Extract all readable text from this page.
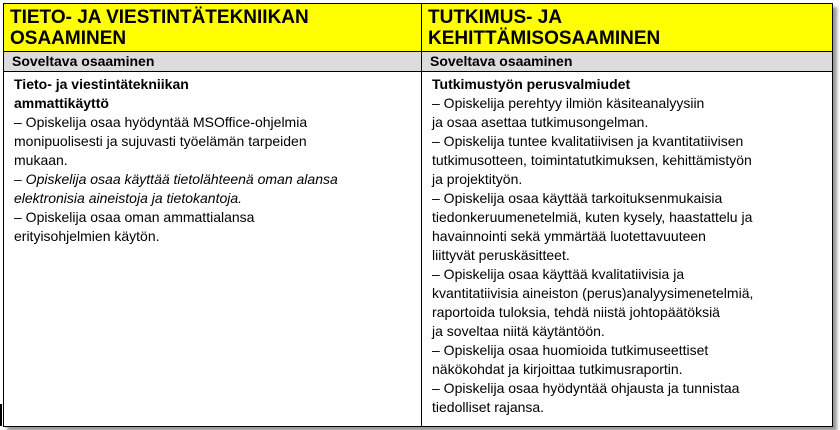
TIETO- JA VIESTINTÄTEKNIIKAN
OSAAMINEN
Soveltava osaaminen
Tieto- ja viestintätekniikan
ammattikäyttö

– Opiskelija osaa hyödyntää MSOffice-ohjelmia
monipuolisesti ja sujuvasti työelämän tarpeiden
mukaan.

– Opiskelija osaa käyttää tietolähteenä oman alansa
elektronisia aineistoja ja tietokantoja.

– Opiskelija osaa oman ammattialansa
erityisohjelmien käytön.

TUTKIMUS- JA
KEHITTÄMISOSAAMINEN
Soveltava osaaminen
Tutkimustyön perusvalmiudet

– Opiskelija perehtyy ilmiön käsiteanalyysiin
ja osaa asettaa tutkimusongelman.

– Opiskelija tuntee kvalitatiivisen ja kvantitatiivisen
tutkimusotteen, toimintatutkimuksen, kehittämistyön
ja projektityön.

– Opiskelija osaa käyttää tarkoituksenmukaisia
tiedonkeruumenetelmiä, kuten kysely, haastattelu ja
havainnointi sekä ymmärtää luotettavuuteen
liittyvät peruskäsitteet.

– Opiskelija osaa käyttää kvalitatiivisia ja
kvantitatiivisia aineiston (perus)analyysimenetelmiä,
raportoida tuloksia, tehdä niistä johtopäätöksiä
ja soveltaa niitä käytäntöön.

– Opiskelija osaa huomioida tutkimuseettiset
näkökohdat ja kirjoittaa tutkimusraportin.

– Opiskelija osaa hyödyntää ohjausta ja tunnistaa
tiedolliset rajansa.
